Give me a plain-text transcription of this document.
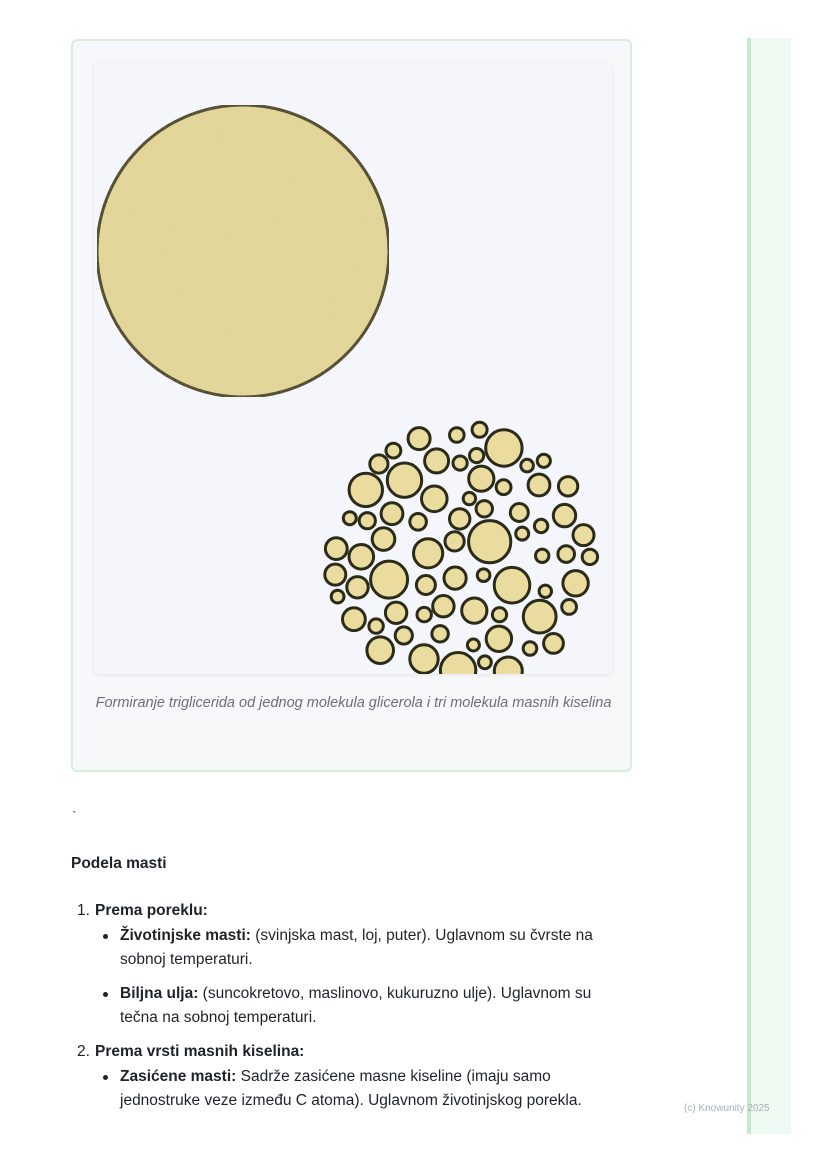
Formiranje triglicerida od jednog molekula glicerola i tri molekula masnih kiselina
`
Podela masti
1. Prema poreklu:
Životinjske masti: (svinjska mast, loj, puter). Uglavnom su čvrste na sobnoj temperaturi.
Biljna ulja: (suncokretovo, maslinovo, kukuruzno ulje). Uglavnom su tečna na sobnoj temperaturi.
2. Prema vrsti masnih kiselina:
Zasićene masti: Sadrže zasićene masne kiseline (imaju samo jednostruke veze između C atoma). Uglavnom životinjskog porekla.	(c) Knowunity 2025
